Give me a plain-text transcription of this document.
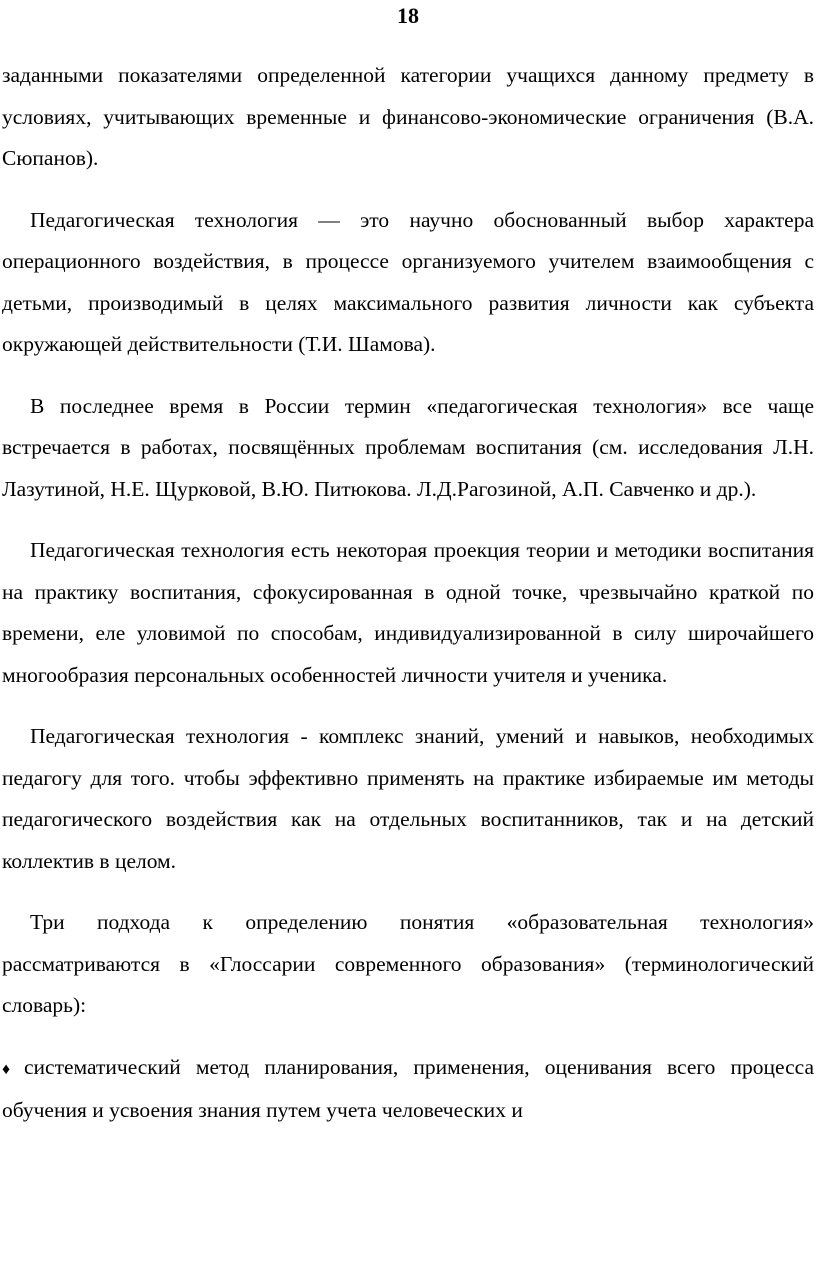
18

заданными показателями определенной категории учащихся данному предмету в условиях, учитывающих временные и финансово-экономические ограничения (В.А. Сюпанов).

Педагогическая технология — это научно обоснованный выбор характера операционного воздействия, в процессе организуемого учителем взаимообщения с детьми, производимый в целях максимального развития личности как субъекта окружающей действительности (Т.И. Шамова).

В последнее время в России термин «педагогическая технология» все чаще встречается в работах, посвящённых проблемам воспитания (см. исследования Л.Н. Лазутиной, Н.Е. Щурковой, В.Ю. Питюкова. Л.Д.Рагозиной, А.П. Савченко и др.).

Педагогическая технология есть некоторая проекция теории и методики воспитания на практику воспитания, сфокусированная в одной точке, чрезвычайно краткой по времени, еле уловимой по способам, индивидуализированной в силу широчайшего многообразия персональных особенностей личности учителя и ученика.

Педагогическая технология - комплекс знаний, умений и навыков, необходимых педагогу для того. чтобы эффективно применять на практике избираемые им методы педагогического воздействия как на отдельных воспитанников, так и на детский коллектив в целом.

Три подхода к определению понятия «образовательная технология» рассматриваются в «Глоссарии современного образования» (терминологический словарь):

♦ систематический метод планирования, применения, оценивания всего процесса обучения и усвоения знания путем учета человеческих и
